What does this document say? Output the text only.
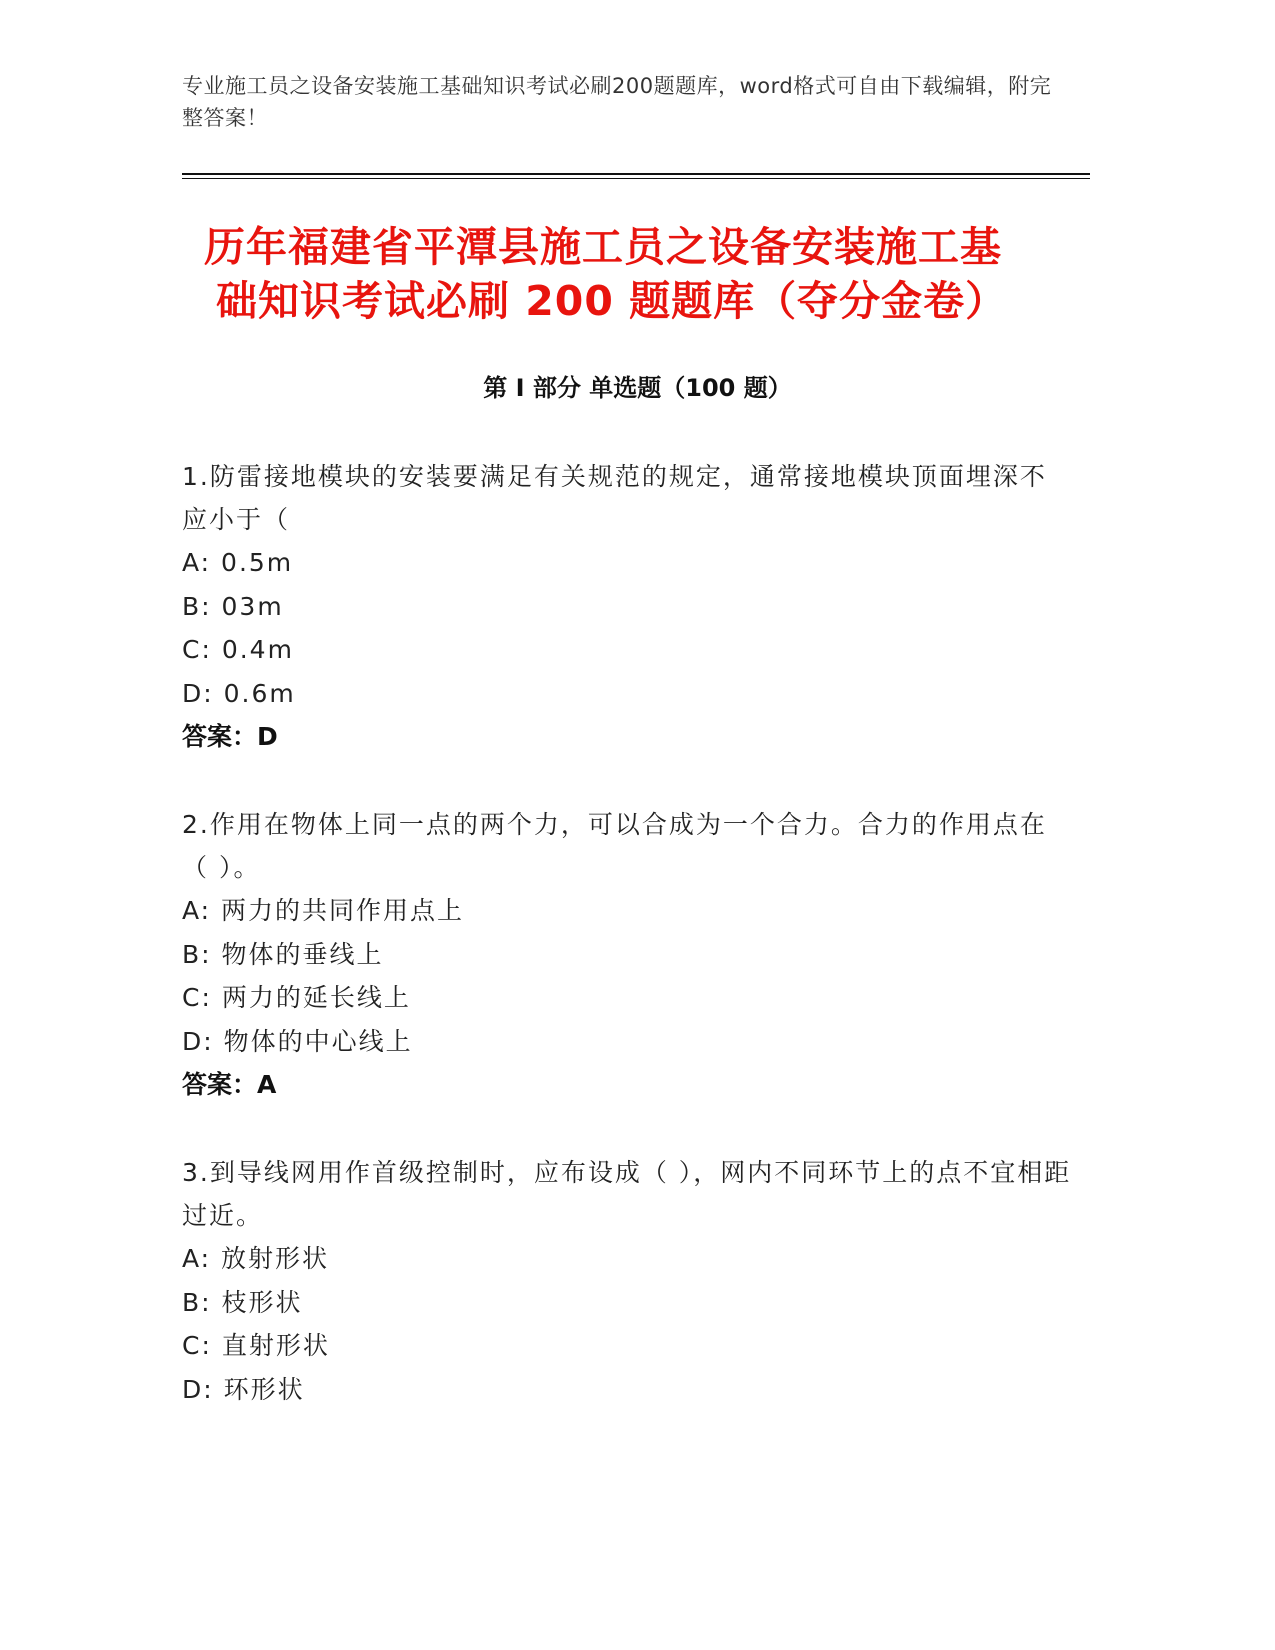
专业施工员之设备安装施工基础知识考试必刷200题题库，word格式可自由下载编辑，附完整答案！
历年福建省平潭县施工员之设备安装施工基
础知识考试必刷 200 题题库（夺分金卷）
第 I 部分 单选题（100 题）
1.防雷接地模块的安装要满足有关规范的规定，通常接地模块顶面埋深不应小于（
A: 0.5m
B: 03m
C: 0.4m
D: 0.6m
答案：D
2.作用在物体上同一点的两个力，可以合成为一个合力。合力的作用点在（ ）。
A: 两力的共同作用点上
B: 物体的垂线上
C: 两力的延长线上
D: 物体的中心线上
答案：A
3.到导线网用作首级控制时，应布设成（ ），网内不同环节上的点不宜相距过近。
A: 放射形状
B: 枝形状
C: 直射形状
D: 环形状
